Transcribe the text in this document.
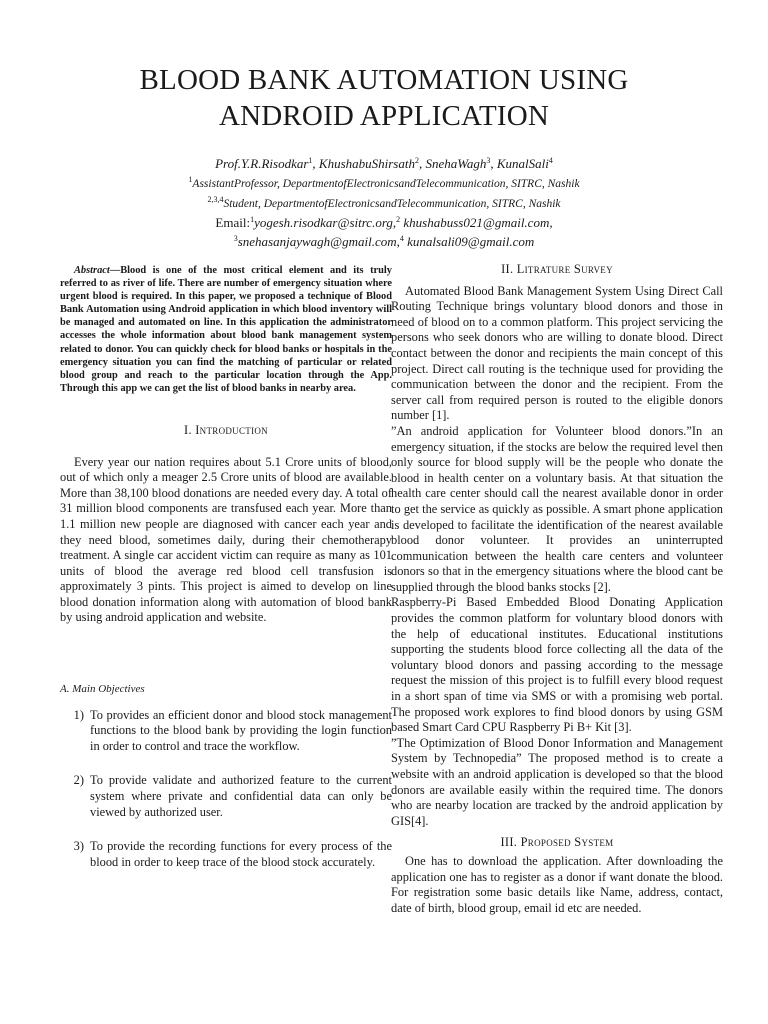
BLOOD BANK AUTOMATION USING
ANDROID APPLICATION
Prof.Y.R.Risodkar$^1$, KhushabuShirsath$^2$, SnehaWagh$^3$, KunalSali$^4$
$^1$AssistantProfessor, DepartmentofElectronicsandTelecommunication, SITRC, Nashik
$^{2,3,4}$Student, DepartmentofElectronicsandTelecommunication, SITRC, Nashik
Email:$^1$yogesh.risodkar@sitrc.org,$^2$ khushabuss021@gmail.com,
$^3$snehasanjaywagh@gmail.com,$^4$ kunalsali09@gmail.com
Abstract—Blood is one of the most critical element and its truly referred to as river of life. There are number of emergency situation where urgent blood is required. In this paper, we proposed a technique of Blood Bank Automation using Android application in which blood inventory will be managed and automated on line. In this application the administrator accesses the whole information about blood bank management system related to donor. You can quickly check for blood banks or hospitals in the emergency situation you can find the matching of particular or related blood group and reach to the particular location through the App. Through this app we can get the list of blood banks in nearby area.
I. Introduction

Every year our nation requires about 5.1 Crore units of blood, out of which only a meager 2.5 Crore units of blood are available. More than 38,100 blood donations are needed every day. A total of 31 million blood components are transfused each year. More than 1.1 million new people are diagnosed with cancer each year and they need blood, sometimes daily, during their chemotherapy treatment. A single car accident victim can require as many as 101 units of blood the average red blood cell transfusion is approximately 3 pints. This project is aimed to develop on line blood donation information along with automation of blood bank by using android application and website.

A. Main Objectives
1) To provides an efficient donor and blood stock management functions to the blood bank by providing the login function in order to control and trace the workflow.
2) To provide validate and authorized feature to the current system where private and confidential data can only be viewed by authorized user.
3) To provide the recording functions for every process of the blood in order to keep trace of the blood stock accurately.
II. Litrature Survey

Automated Blood Bank Management System Using Direct Call Routing Technique brings voluntary blood donors and those in need of blood on to a common platform. This project servicing the persons who seek donors who are willing to donate blood. Direct contact between the donor and recipients the main concept of this project. Direct call routing is the technique used for providing the communication between the donor and the recipient. From the server call from required person is routed to the eligible donors number [1].

”An android application for Volunteer blood donors.”In an emergency situation, if the stocks are below the required level then only source for blood supply will be the people who donate the blood in health center on a voluntary basis. At that situation the health care center should call the nearest available donor in order to get the service as quickly as possible. A smart phone application is developed to facilitate the identification of the nearest available blood donor volunteer. It provides an uninterrupted communication between the health care centers and volunteer donors so that in the emergency situations where the blood cant be supplied through the blood banks stocks [2].

Raspberry-Pi Based Embedded Blood Donating Application provides the common platform for voluntary blood donors with the help of educational institutes. Educational institutions supporting the students blood force collecting all the data of the voluntary blood donors and passing according to the message request the mission of this project is to fulfill every blood request in a short span of time via SMS or with a promising web portal. The proposed work explores to find blood donors by using GSM based Smart Card CPU Raspberry Pi B+ Kit [3].

”The Optimization of Blood Donor Information and Management System by Technopedia” The proposed method is to create a website with an android application is developed so that the blood donors are available easily within the required time. The donors who are nearby location are tracked by the android application by GIS[4].

III. Proposed System

One has to download the application. After downloading the application one has to register as a donor if want donate the blood. For registration some basic details like Name, address, contact, date of birth, blood group, email id etc are needed.
